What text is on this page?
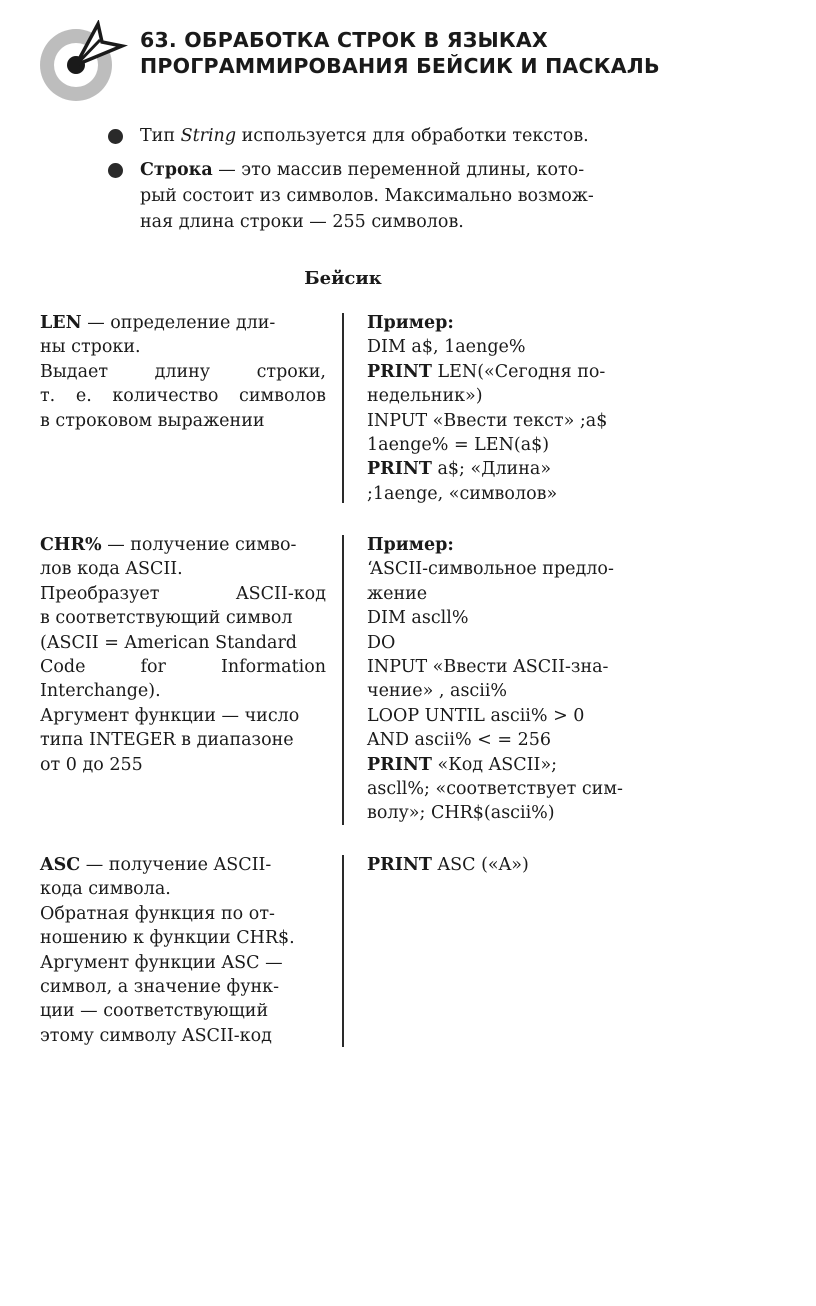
63. ОБРАБОТКА СТРОК В ЯЗЫКАХ
ПРОГРАММИРОВАНИЯ БЕЙСИК И ПАСКАЛЬ
Тип String используется для обработки текстов.
Строка — это массив переменной длины, кото-
рый состоит из символов. Максимально возмож-
ная длина строки — 255 символов.
Бейсик
LEN — определение дли-
ны строки.
Выдает длину строки,
т. е. количество символов
в строковом выражении
Пример:
DIM a$, 1aenge%
PRINT LEN(«Сегодня по-
недельник»)
INPUT «Ввести текст» ;a$
1aenge% = LEN(a$)
PRINT a$; «Длина»
;1aenge, «символов»
CHR% — получение симво-
лов кода ASCII.
Преобразует ASCII-код
в соответствующий символ
(ASCII = American Standard
Code for Information
Interchange).
Аргумент функции — число
типа INTEGER в диапазоне
от 0 до 255
Пример:
‘ASCII-символьное предло-
жение
DIM ascll%
DO
INPUT «Ввести ASCII-зна-
чение» , ascii%
LOOP UNTIL ascii% > 0
AND ascii% < = 256
PRINT «Код ASCII»;
ascll%; «соответствует сим-
волу»; CHR$(ascii%)
ASC — получение ASCII-
кода символа.
Обратная функция по от-
ношению к функции CHR$.
Аргумент функции ASC —
символ, а значение функ-
ции — соответствующий
этому символу ASCII-код
PRINT ASC («A»)
